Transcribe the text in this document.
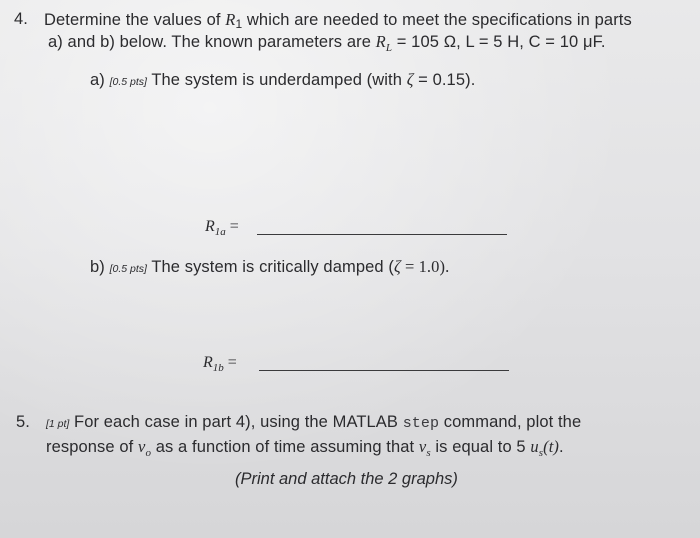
4. Determine the values of R1 which are needed to meet the specifications in parts
a) and b) below. The known parameters are $R_L = 105$ Ω, L = 5 H, C = 10 μF.
a) [0.5 pts] The system is underdamped (with ζ = 0.15).
$R_{1a}$ =
b) [0.5 pts] The system is critically damped (ζ = 1.0).
$R_{1b}$ =
5. [1 pt] For each case in part 4), using the MATLAB step command, plot the
response of $v_o$ as a function of time assuming that $v_s$ is equal to 5 $u_s(t)$.
(Print and attach the 2 graphs)
